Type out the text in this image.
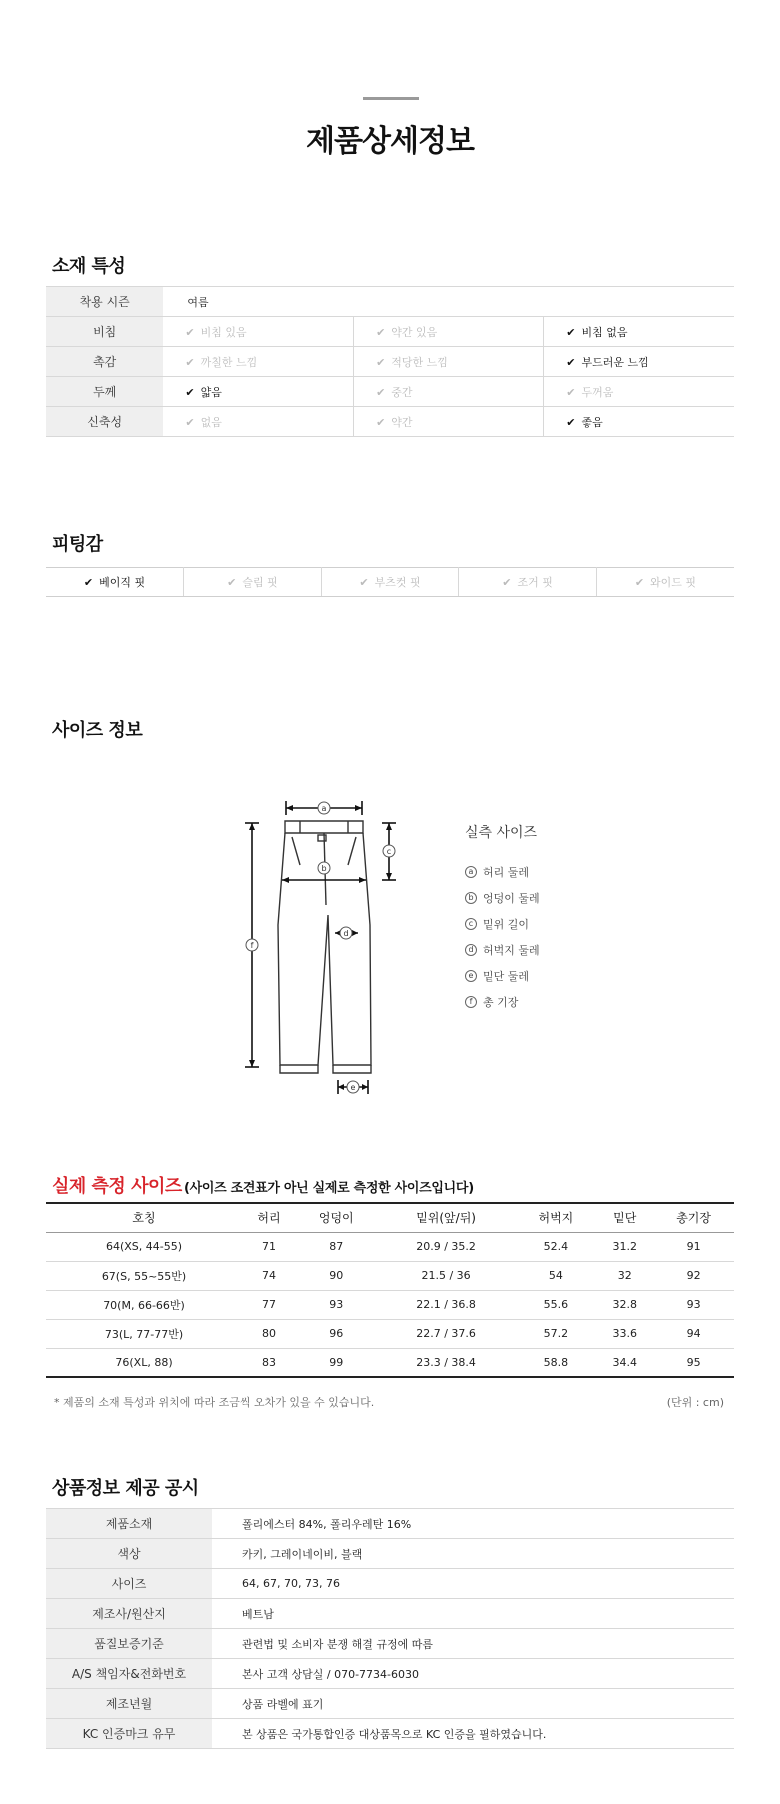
제품상세정보
소재 특성
착용 시즌	여름		
비침	✔ 비침 있음	✔ 약간 있음	✔ 비침 없음
촉감	✔ 까칠한 느낌	✔ 적당한 느낌	✔ 부드러운 느낌
두께	✔ 얇음	✔ 중간	✔ 두꺼움
신축성	✔ 없음	✔ 약간	✔ 좋음
피팅감
✔ 베이직 핏	✔ 슬림 핏	✔ 부츠컷 핏	✔ 조거 핏	✔ 와이드 핏
사이즈 정보
a
b
c
d
e
f
실측 사이즈
a 허리 둘레
b 엉덩이 둘레
c 밑위 길이
d 허벅지 둘레
e 밑단 둘레
f 총 기장
실제 측정 사이즈 (사이즈 조견표가 아닌 실제로 측정한 사이즈입니다)
호칭	허리	엉덩이	밑위(앞/뒤)	허벅지	밑단	총기장
64(XS, 44-55)	71	87	20.9 / 35.2	52.4	31.2	91
67(S, 55~55반)	74	90	21.5 / 36	54	32	92
70(M, 66-66반)	77	93	22.1 / 36.8	55.6	32.8	93
73(L, 77-77반)	80	96	22.7 / 37.6	57.2	33.6	94
76(XL, 88)	83	99	23.3 / 38.4	58.8	34.4	95
* 제품의 소재 특성과 위치에 따라 조금씩 오차가 있을 수 있습니다.	(단위 : cm)
상품정보 제공 공시
제품소재	폴리에스터 84%, 폴리우레탄 16%
색상	카키, 그레이네이비, 블랙
사이즈	64, 67, 70, 73, 76
제조사/원산지	베트남
품질보증기준	관련법 및 소비자 분쟁 해결 규정에 따름
A/S 책임자&전화번호	본사 고객 상담실 / 070-7734-6030
제조년월	상품 라벨에 표기
KC 인증마크 유무	본 상품은 국가통합인증 대상품목으로 KC 인증을 필하였습니다.
